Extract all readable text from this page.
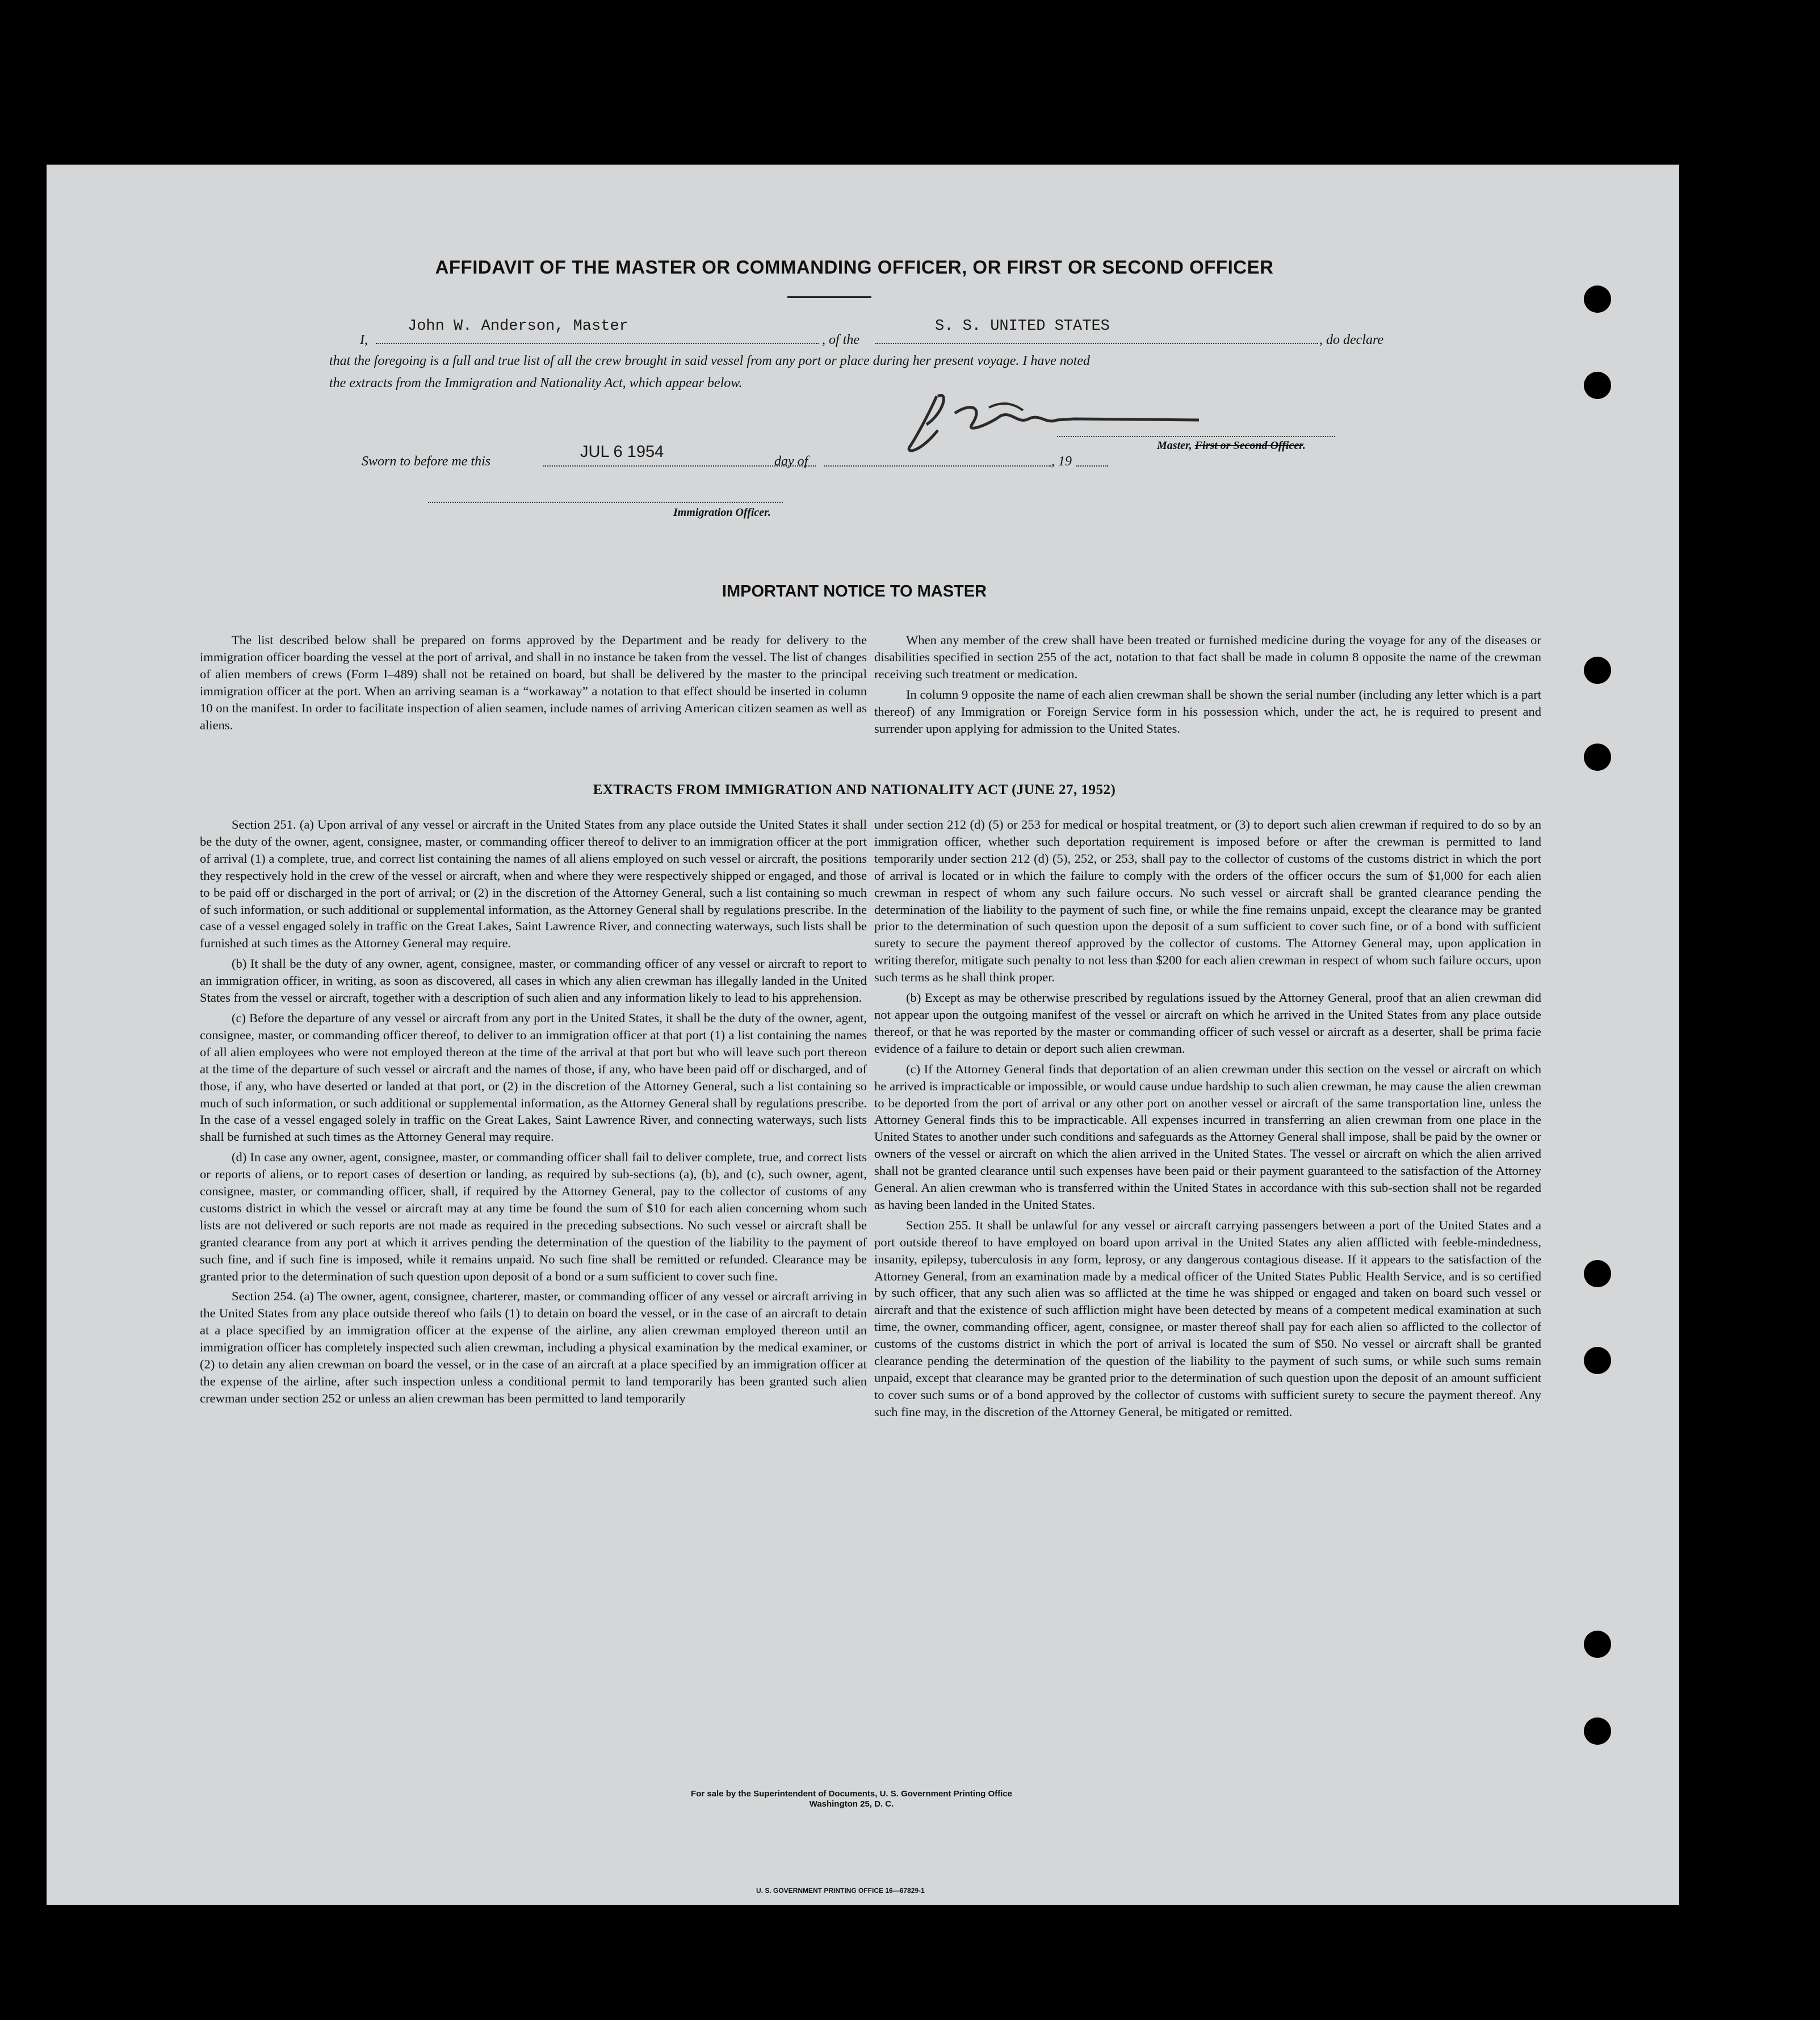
AFFIDAVIT OF THE MASTER OR COMMANDING OFFICER, OR FIRST OR SECOND OFFICER
I,
John W. Anderson, Master
, of the
S. S. UNITED STATES
, do declare
that the foregoing is a full and true list of all the crew brought in said vessel from any port or place during her present voyage. I have noted
the extracts from the Immigration and Nationality Act, which appear below.
Master, First or Second Officer.
Sworn to before me this
JUL 6 1954
day of	, 19
Immigration Officer.
IMPORTANT NOTICE TO MASTER

The list described below shall be prepared on forms approved by the Department and be ready for delivery to the immigration officer boarding the vessel at the port of arrival, and shall in no instance be taken from the vessel. The list of changes of alien members of crews (Form I–489) shall not be retained on board, but shall be delivered by the master to the principal immigration officer at the port. When an arriving seaman is a “workaway” a notation to that effect should be inserted in column 10 on the manifest. In order to facilitate inspection of alien seamen, include names of arriving American citizen seamen as well as aliens.

When any member of the crew shall have been treated or furnished medicine during the voyage for any of the diseases or disabilities specified in section 255 of the act, notation to that fact shall be made in column 8 opposite the name of the crewman receiving such treatment or medication.

In column 9 opposite the name of each alien crewman shall be shown the serial number (including any letter which is a part thereof) of any Immigration or Foreign Service form in his possession which, under the act, he is required to present and surrender upon applying for admission to the United States.

EXTRACTS FROM IMMIGRATION AND NATIONALITY ACT (JUNE 27, 1952)

Section 251. (a) Upon arrival of any vessel or aircraft in the United States from any place outside the United States it shall be the duty of the owner, agent, consignee, master, or commanding officer thereof to deliver to an immigration officer at the port of arrival (1) a complete, true, and correct list containing the names of all aliens employed on such vessel or aircraft, the positions they respectively hold in the crew of the vessel or aircraft, when and where they were respectively shipped or engaged, and those to be paid off or discharged in the port of arrival; or (2) in the discretion of the Attorney General, such a list containing so much of such information, or such additional or supplemental information, as the Attorney General shall by regulations prescribe. In the case of a vessel engaged solely in traffic on the Great Lakes, Saint Lawrence River, and connecting waterways, such lists shall be furnished at such times as the Attorney General may require.

(b) It shall be the duty of any owner, agent, consignee, master, or commanding officer of any vessel or aircraft to report to an immigration officer, in writing, as soon as discovered, all cases in which any alien crewman has illegally landed in the United States from the vessel or aircraft, together with a description of such alien and any information likely to lead to his apprehension.

(c) Before the departure of any vessel or aircraft from any port in the United States, it shall be the duty of the owner, agent, consignee, master, or commanding officer thereof, to deliver to an immigration officer at that port (1) a list containing the names of all alien employees who were not employed thereon at the time of the arrival at that port but who will leave such port thereon at the time of the departure of such vessel or aircraft and the names of those, if any, who have been paid off or discharged, and of those, if any, who have deserted or landed at that port, or (2) in the discretion of the Attorney General, such a list containing so much of such information, or such additional or supplemental information, as the Attorney General shall by regulations prescribe. In the case of a vessel engaged solely in traffic on the Great Lakes, Saint Lawrence River, and connecting waterways, such lists shall be furnished at such times as the Attorney General may require.

(d) In case any owner, agent, consignee, master, or commanding officer shall fail to deliver complete, true, and correct lists or reports of aliens, or to report cases of desertion or landing, as required by sub-sections (a), (b), and (c), such owner, agent, consignee, master, or commanding officer, shall, if required by the Attorney General, pay to the collector of customs of any customs district in which the vessel or aircraft may at any time be found the sum of $10 for each alien concerning whom such lists are not delivered or such reports are not made as required in the preceding subsections. No such vessel or aircraft shall be granted clearance from any port at which it arrives pending the determination of the question of the liability to the payment of such fine, and if such fine is imposed, while it remains unpaid. No such fine shall be remitted or refunded. Clearance may be granted prior to the determination of such question upon deposit of a bond or a sum sufficient to cover such fine.

Section 254. (a) The owner, agent, consignee, charterer, master, or commanding officer of any vessel or aircraft arriving in the United States from any place outside thereof who fails (1) to detain on board the vessel, or in the case of an aircraft to detain at a place specified by an immigration officer at the expense of the airline, any alien crewman employed thereon until an immigration officer has completely inspected such alien crewman, including a physical examination by the medical examiner, or (2) to detain any alien crewman on board the vessel, or in the case of an aircraft at a place specified by an immigration officer at the expense of the airline, after such inspection unless a conditional permit to land temporarily has been granted such alien crewman under section 252 or unless an alien crewman has been permitted to land temporarily

under section 212 (d) (5) or 253 for medical or hospital treatment, or (3) to deport such alien crewman if required to do so by an immigration officer, whether such deportation requirement is imposed before or after the crewman is permitted to land temporarily under section 212 (d) (5), 252, or 253, shall pay to the collector of customs of the customs district in which the port of arrival is located or in which the failure to comply with the orders of the officer occurs the sum of $1,000 for each alien crewman in respect of whom any such failure occurs. No such vessel or aircraft shall be granted clearance pending the determination of the liability to the payment of such fine, or while the fine remains unpaid, except the clearance may be granted prior to the determination of such question upon the deposit of a sum sufficient to cover such fine, or of a bond with sufficient surety to secure the payment thereof approved by the collector of customs. The Attorney General may, upon application in writing therefor, mitigate such penalty to not less than $200 for each alien crewman in respect of whom such failure occurs, upon such terms as he shall think proper.

(b) Except as may be otherwise prescribed by regulations issued by the Attorney General, proof that an alien crewman did not appear upon the outgoing manifest of the vessel or aircraft on which he arrived in the United States from any place outside thereof, or that he was reported by the master or commanding officer of such vessel or aircraft as a deserter, shall be prima facie evidence of a failure to detain or deport such alien crewman.

(c) If the Attorney General finds that deportation of an alien crewman under this section on the vessel or aircraft on which he arrived is impracticable or impossible, or would cause undue hardship to such alien crewman, he may cause the alien crewman to be deported from the port of arrival or any other port on another vessel or aircraft of the same transportation line, unless the Attorney General finds this to be impracticable. All expenses incurred in transferring an alien crewman from one place in the United States to another under such conditions and safeguards as the Attorney General shall impose, shall be paid by the owner or owners of the vessel or aircraft on which the alien arrived in the United States. The vessel or aircraft on which the alien arrived shall not be granted clearance until such expenses have been paid or their payment guaranteed to the satisfaction of the Attorney General. An alien crewman who is transferred within the United States in accordance with this sub-section shall not be regarded as having been landed in the United States.

Section 255. It shall be unlawful for any vessel or aircraft carrying passengers between a port of the United States and a port outside thereof to have employed on board upon arrival in the United States any alien afflicted with feeble-mindedness, insanity, epilepsy, tuberculosis in any form, leprosy, or any dangerous contagious disease. If it appears to the satisfaction of the Attorney General, from an examination made by a medical officer of the United States Public Health Service, and is so certified by such officer, that any such alien was so afflicted at the time he was shipped or engaged and taken on board such vessel or aircraft and that the existence of such affliction might have been detected by means of a competent medical examination at such time, the owner, commanding officer, agent, consignee, or master thereof shall pay for each alien so afflicted to the collector of customs of the customs district in which the port of arrival is located the sum of $50. No vessel or aircraft shall be granted clearance pending the determination of the question of the liability to the payment of such sums, or while such sums remain unpaid, except that clearance may be granted prior to the determination of such question upon the deposit of an amount sufficient to cover such sums or of a bond approved by the collector of customs with sufficient surety to secure the payment thereof. Any such fine may, in the discretion of the Attorney General, be mitigated or remitted.

U. S. GOVERNMENT PRINTING OFFICE 16—67829-1
For sale by the Superintendent of Documents, U. S. Government Printing Office
Washington 25, D. C.
